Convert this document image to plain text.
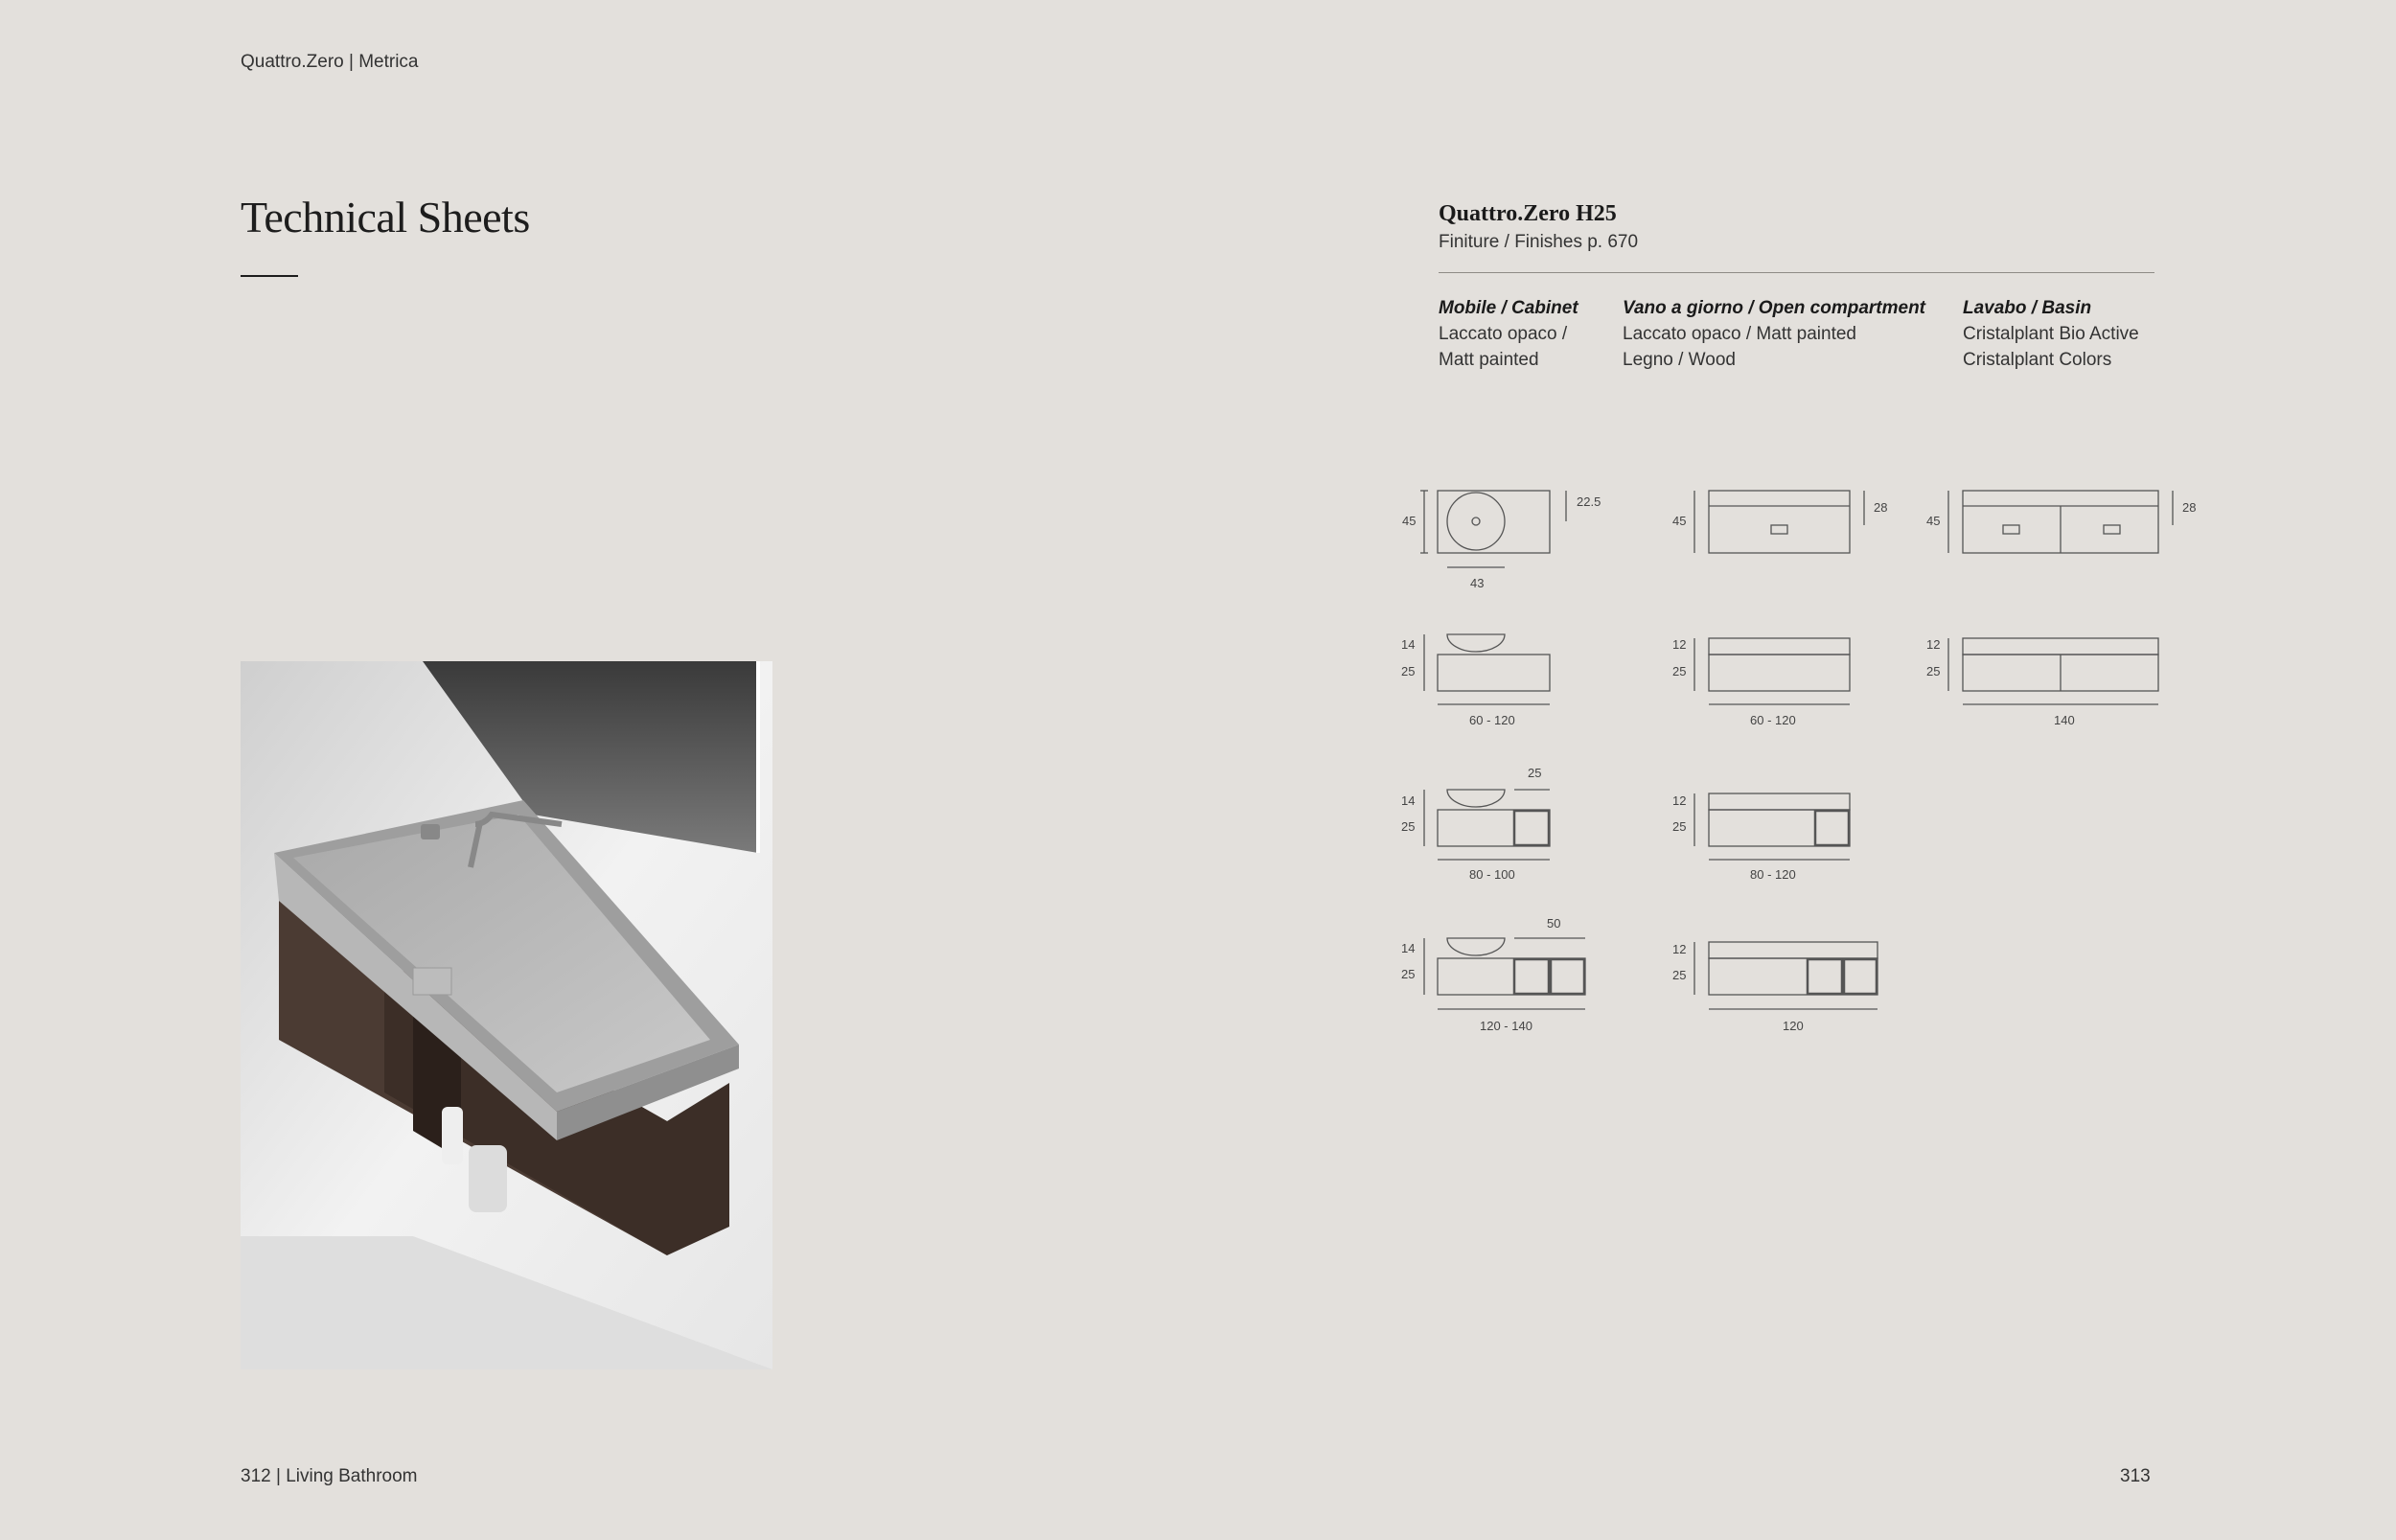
Quattro.Zero | Metrica
Technical Sheets	Quattro.Zero H25
Finiture / Finishes p. 670
Mobile / Cabinet
Laccato opaco /
Matt painted
Vano a giorno / Open compartment
Laccato opaco / Matt painted
Legno / Wood
Lavabo / Basin
Cristalplant Bio Active
Cristalplant Colors
45
43
22.5
45
28
45
28
14
25
60 - 120
12
25
60 - 120
12
25
140
14
25
25
80 - 100
12
25
80 - 120
14
25
50
120 - 140
12
25
120
312 | Living Bathroom	313
